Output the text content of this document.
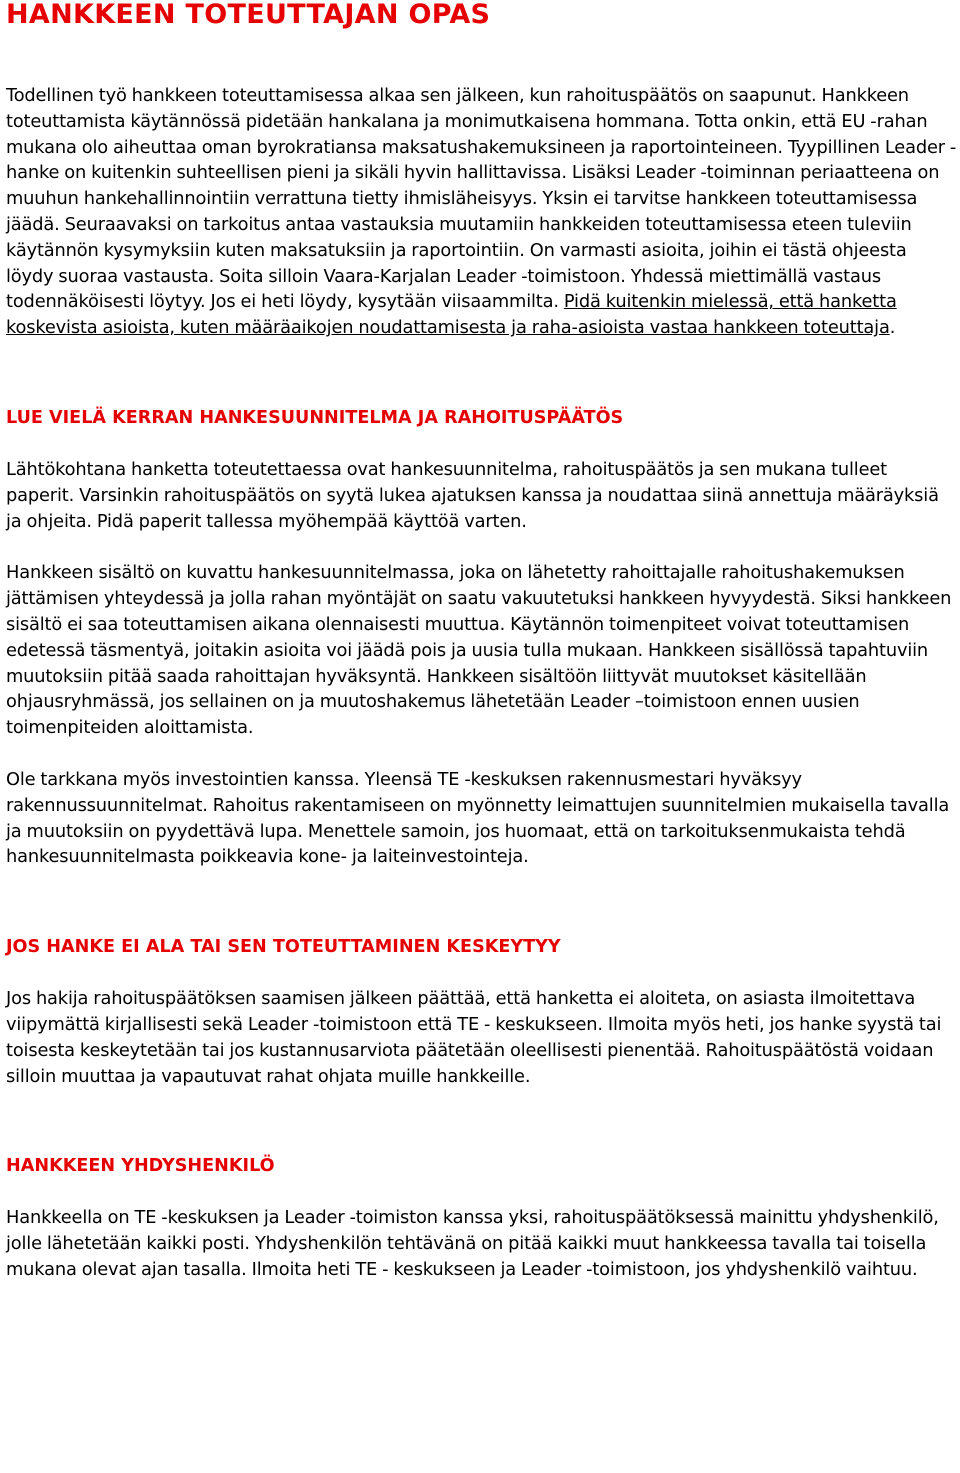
HANKKEEN TOTEUTTAJAN OPAS

Todellinen työ hankkeen toteuttamisessa alkaa sen jälkeen, kun rahoituspäätös on saapunut. Hankkeen toteuttamista käytännössä pidetään hankalana ja monimutkaisena hommana. Totta onkin, että EU -rahan mukana olo aiheuttaa oman byrokratiansa maksatushakemuksineen ja raportointeineen. Tyypillinen Leader -hanke on kuitenkin suhteellisen pieni ja sikäli hyvin hallittavissa. Lisäksi Leader -toiminnan periaatteena on muuhun hankehallinnointiin verrattuna tietty ihmisläheisyys. Yksin ei tarvitse hankkeen toteuttamisessa jäädä. Seuraavaksi on tarkoitus antaa vastauksia muutamiin hankkeiden toteuttamisessa eteen tuleviin käytännön kysymyksiin kuten maksatuksiin ja raportointiin. On varmasti asioita, joihin ei tästä ohjeesta löydy suoraa vastausta. Soita silloin Vaara-Karjalan Leader -toimistoon. Yhdessä miettimällä vastaus todennäköisesti löytyy. Jos ei heti löydy, kysytään viisaammilta. Pidä kuitenkin mielessä, että hanketta koskevista asioista, kuten määräaikojen noudattamisesta ja raha-asioista vastaa hankkeen toteuttaja.

LUE VIELÄ KERRAN HANKESUUNNITELMA JA RAHOITUSPÄÄTÖS

Lähtökohtana hanketta toteutettaessa ovat hankesuunnitelma, rahoituspäätös ja sen mukana tulleet paperit. Varsinkin rahoituspäätös on syytä lukea ajatuksen kanssa ja noudattaa siinä annettuja määräyksiä ja ohjeita. Pidä paperit tallessa myöhempää käyttöä varten.

Hankkeen sisältö on kuvattu hankesuunnitelmassa, joka on lähetetty rahoittajalle rahoitushakemuksen jättämisen yhteydessä ja jolla rahan myöntäjät on saatu vakuutetuksi hankkeen hyvyydestä. Siksi hankkeen sisältö ei saa toteuttamisen aikana olennaisesti muuttua. Käytännön toimenpiteet voivat toteuttamisen edetessä täsmentyä, joitakin asioita voi jäädä pois ja uusia tulla mukaan. Hankkeen sisällössä tapahtuviin muutoksiin pitää saada rahoittajan hyväksyntä. Hankkeen sisältöön liittyvät muutokset käsitellään ohjausryhmässä, jos sellainen on ja muutoshakemus lähetetään Leader –toimistoon ennen uusien toimenpiteiden aloittamista.

Ole tarkkana myös investointien kanssa. Yleensä TE -keskuksen rakennusmestari hyväksyy rakennussuunnitelmat. Rahoitus rakentamiseen on myönnetty leimattujen suunnitelmien mukaisella tavalla ja muutoksiin on pyydettävä lupa. Menettele samoin, jos huomaat, että on tarkoituksenmukaista tehdä hankesuunnitelmasta poikkeavia kone- ja laiteinvestointeja.

JOS HANKE EI ALA TAI SEN TOTEUTTAMINEN KESKEYTYY

Jos hakija rahoituspäätöksen saamisen jälkeen päättää, että hanketta ei aloiteta, on asiasta ilmoitettava viipymättä kirjallisesti sekä Leader -toimistoon että TE - keskukseen. Ilmoita myös heti, jos hanke syystä tai toisesta keskeytetään tai jos kustannusarviota päätetään oleellisesti pienentää. Rahoituspäätöstä voidaan silloin muuttaa ja vapautuvat rahat ohjata muille hankkeille.

HANKKEEN YHDYSHENKILÖ

Hankkeella on TE -keskuksen ja Leader -toimiston kanssa yksi, rahoituspäätöksessä mainittu yhdyshenkilö, jolle lähetetään kaikki posti. Yhdyshenkilön tehtävänä on pitää kaikki muut hankkeessa tavalla tai toisella mukana olevat ajan tasalla. Ilmoita heti TE - keskukseen ja Leader -toimistoon, jos yhdyshenkilö vaihtuu.
